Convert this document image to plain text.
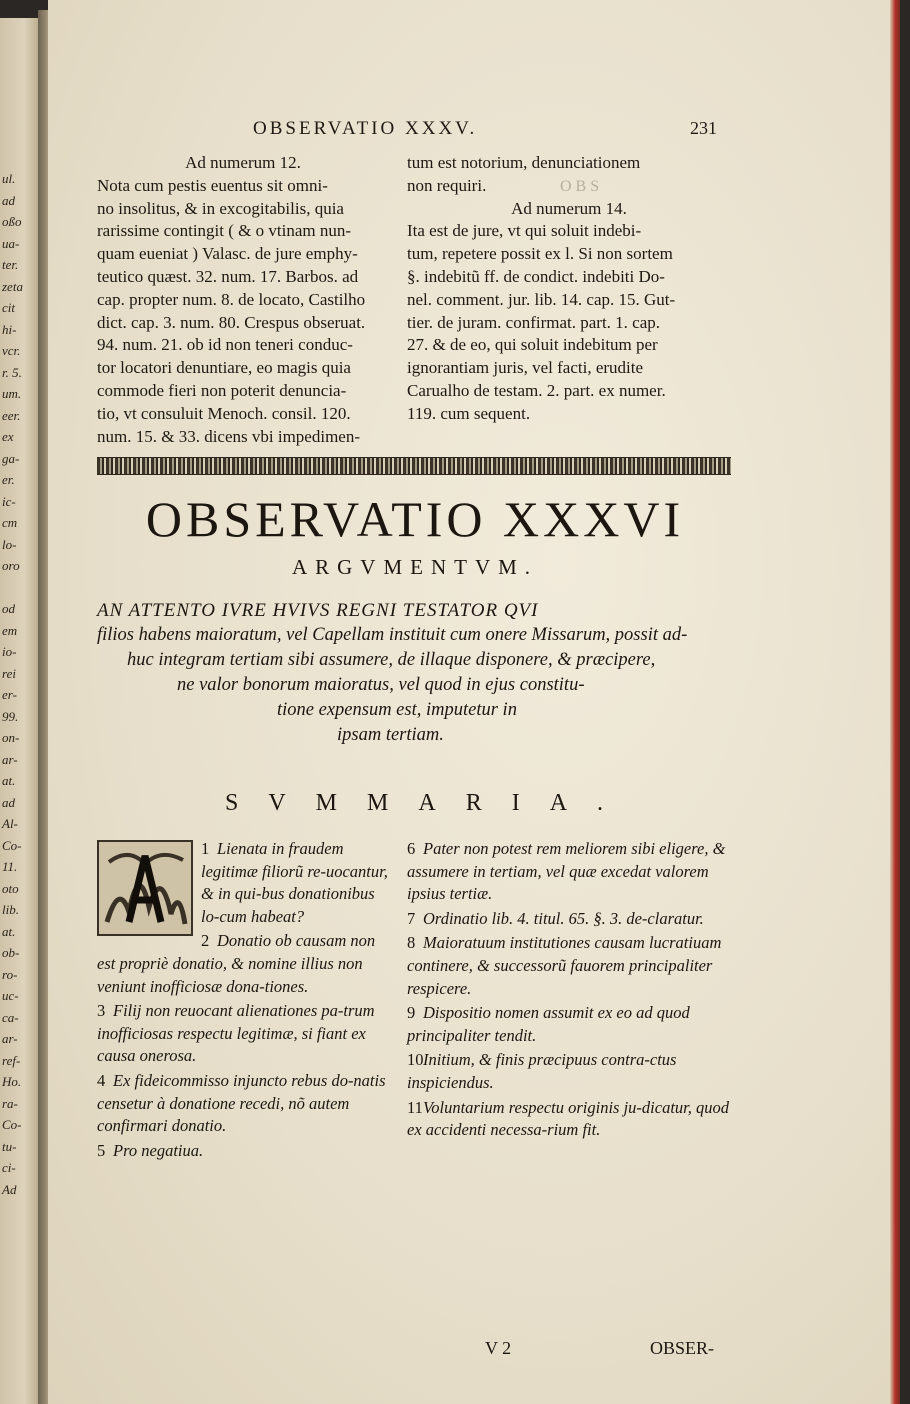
ul.
ad
oßo
ua-
ter.
zeta
cit
hi-
vcr.
r. 5.
um.
eer.
ex
ga-
er.
ic-
cm
lo-
oro
od
em
io-
rei
er-
99.
on-
ar-
at.
ad
Al-
Co-
11.
oto
lib.
at.
ob-
ro-
uc-
ca-
ar-
ref-
Ho.
ra-
Co-
tu-
ci-
Ad
O B S
OBSERVATIO XXXV.	231

Ad numerum 12.

Nota cum pestis euentus sit omni-

no insolitus, & in excogitabilis, quia

rarissime contingit ( & o vtinam nun-

quam eueniat ) Valasc. de jure emphy-

teutico quæst. 32. num. 17. Barbos. ad

cap. propter num. 8. de locato, Castilho

dict. cap. 3. num. 80. Crespus obseruat.

94. num. 21. ob id non teneri conduc-

tor locatori denuntiare, eo magis quia

commode fieri non poterit denuncia-

tio, vt consuluit Menoch. consil. 120.

num. 15. & 33. dicens vbi impedimen-

tum est notorium, denunciationem

non requiri.

Ad numerum 14.

Ita est de jure, vt qui soluit indebi-

tum, repetere possit ex l. Si non sortem

§. indebitũ ff. de condict. indebiti Do-

nel. comment. jur. lib. 14. cap. 15. Gut-

tier. de juram. confirmat. part. 1. cap.

27. & de eo, qui soluit indebitum per

ignorantiam juris, vel facti, erudite

Carualho de testam. 2. part. ex numer.

119. cum sequent.

OBSERVATIO XXXVI
ARGVMENTVM.

AN ATTENTO IVRE HVIVS REGNI TESTATOR QVI

filios habens maioratum, vel Capellam instituit cum onere Missarum, possit ad-

huc integram tertiam sibi assumere, de illaque disponere, & præcipere,

ne valor bonorum maioratus, vel quod in ejus constitu-

tione expensum est, imputetur in

ipsam tertiam.

SVMMARIA.

1 Lienata in fraudem legitimæ filiorũ re-uocantur, & in qui-bus donationibus lo-cum habeat?

2 Donatio ob causam non est propriè donatio, & nomine illius non veniunt inofficiosæ dona-tiones.

3 Filij non reuocant alienationes pa-trum inofficiosas respectu legitimæ, si fiant ex causa onerosa.

4 Ex fideicommisso injuncto rebus do-natis censetur à donatione recedi, nõ autem confirmari donatio.

5 Pro negatiua.

6 Pater non potest rem meliorem sibi eligere, & assumere in tertiam, vel quæ excedat valorem ipsius tertiæ.

7 Ordinatio lib. 4. titul. 65. §. 3. de-claratur.

8 Maioratuum institutiones causam lucratiuam continere, & successorũ fauorem principaliter respicere.

9 Dispositio nomen assumit ex eo ad quod principaliter tendit.

10Initium, & finis præcipuus contra-ctus inspiciendus.

11Voluntarium respectu originis ju-dicatur, quod ex accidenti necessa-rium fit.

V 2	OBSER-
